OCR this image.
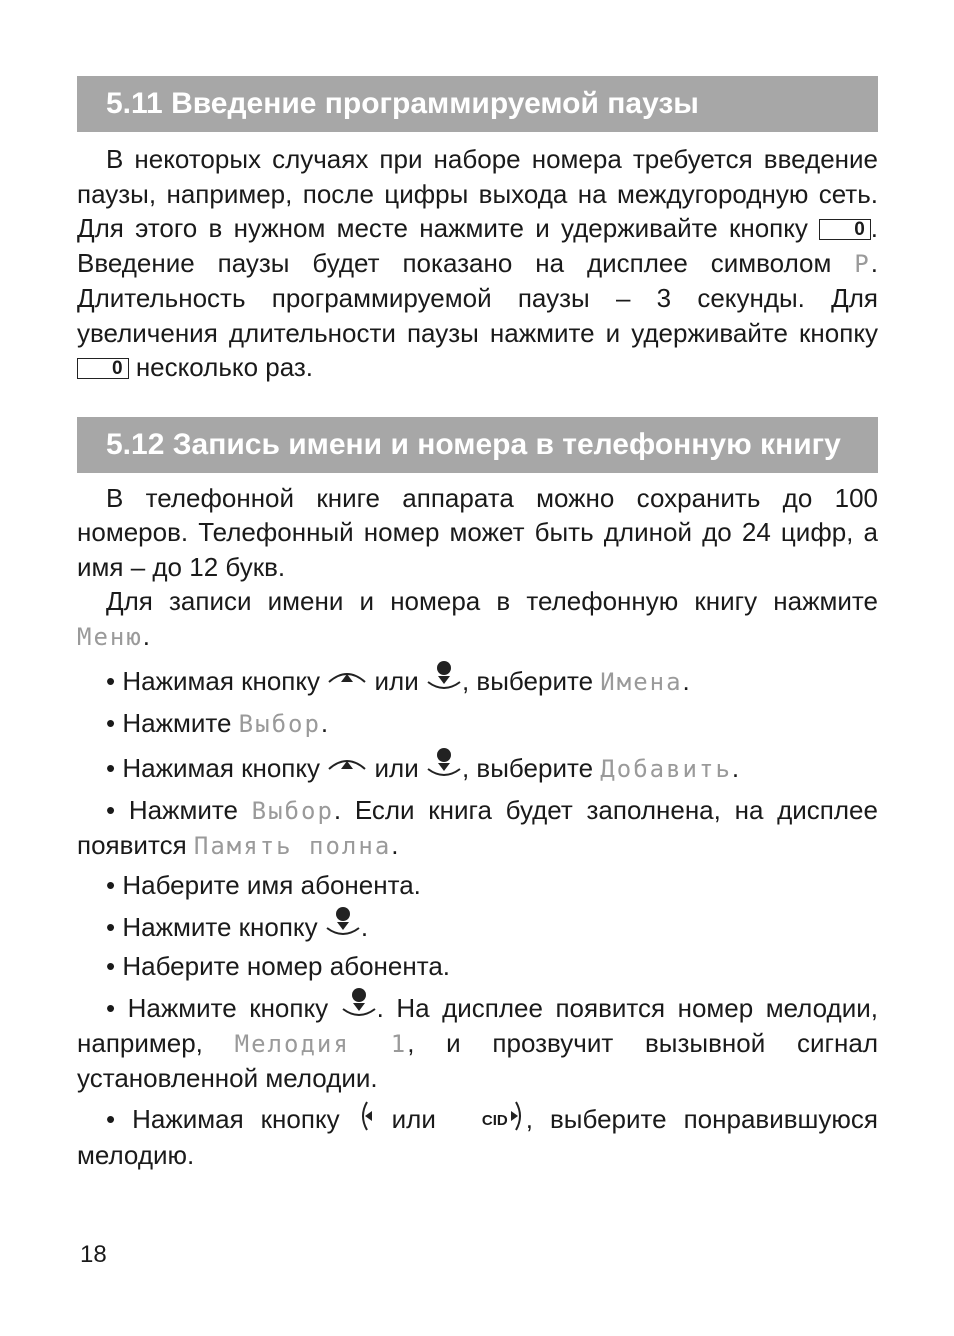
5.11 Введение программируемой паузы

В некоторых случаях при наборе номера требуется введение паузы, например, после цифры выхода на междугородную сеть. Для этого в нужном месте нажмите и удерживайте кнопку 0 . Введение паузы будет показано на дисплее символом P. Длительность программируемой паузы – 3 секунды. Для увеличения длительности паузы нажмите и удерживайте кнопку 0 несколько раз.

5.12 Запись имени и номера в телефонную книгу

В телефонной книге аппарата можно сохранить до 100 номеров. Телефонный номер может быть длиной до 24 цифр, а имя – до 12 букв.

Для записи имени и номера в телефонную книгу нажмите Меню.

• Нажимая кнопку или , выберите Имена.

• Нажмите Выбор.

• Нажимая кнопку или , выберите Добавить.

• Нажмите Выбор. Если книга будет заполнена, на дисплее появится Память полна.

• Наберите имя абонента.

• Нажмите кнопку .

• Наберите номер абонента.

• Нажмите кнопку . На дисплее появится номер мелодии, например, Мелодия 1, и прозвучит вызывной сигнал установленной мелодии.

• Нажимая кнопку или	CID , выберите понравившуюся мелодию.

18
